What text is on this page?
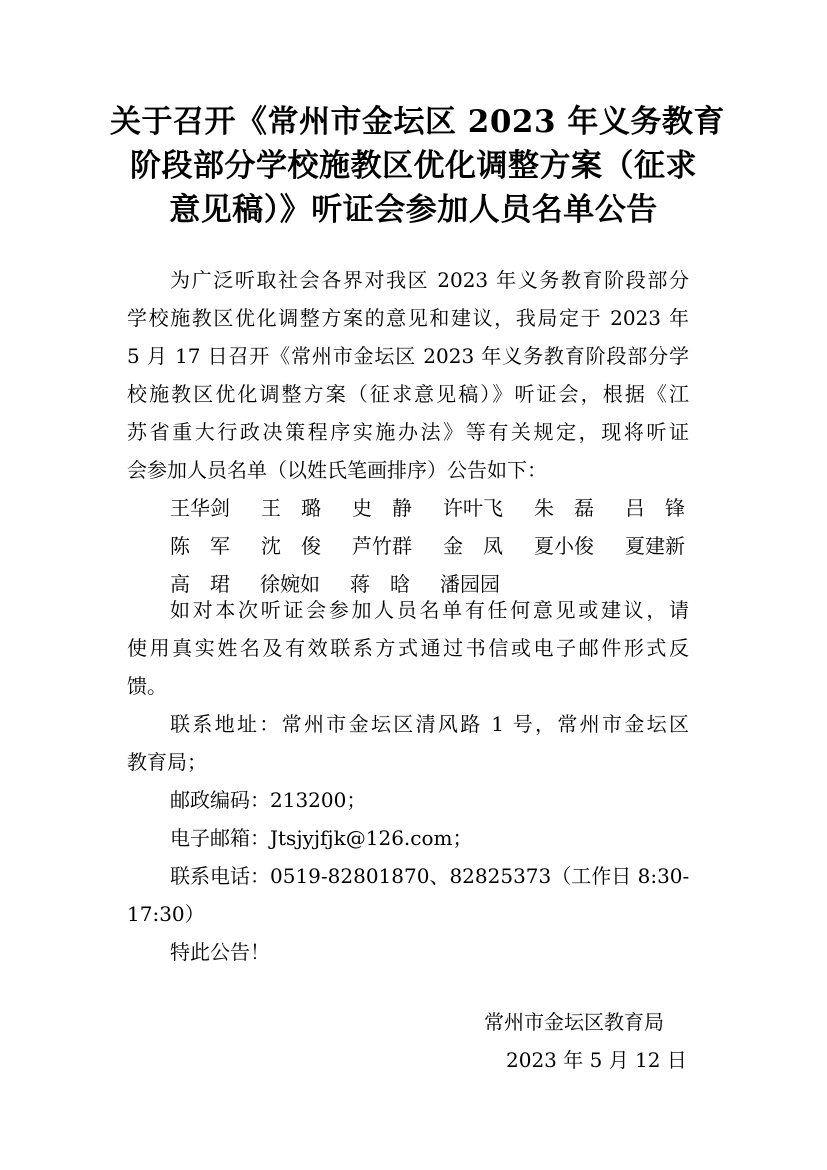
关于召开《常州市金坛区 2023 年义务教育
阶段部分学校施教区优化调整方案（征求
意见稿）》听证会参加人员名单公告
为广泛听取社会各界对我区 2023 年义务教育阶段部分
学校施教区优化调整方案的意见和建议，我局定于 2023 年
5 月 17 日召开《常州市金坛区 2023 年义务教育阶段部分学
校施教区优化调整方案（征求意见稿）》听证会，根据《江
苏省重大行政决策程序实施办法》等有关规定，现将听证
会参加人员名单（以姓氏笔画排序）公告如下：
王华剑 王　璐 史　静 许叶飞 朱　磊 吕　锋
陈　军 沈　俊 芦竹群 金　凤 夏小俊 夏建新
高　珺	徐婉如	蒋　晗	潘园园
如对本次听证会参加人员名单有任何意见或建议，请
使用真实姓名及有效联系方式通过书信或电子邮件形式反
馈。
联系地址：常州市金坛区清风路 1 号，常州市金坛区
教育局；
邮政编码：213200；
电子邮箱：Jtsjyjfjk@126.com；
联系电话：0519-82801870、82825373（工作日 8:30-
17:30）
特此公告！
常州市金坛区教育局
2023 年 5 月 12 日
